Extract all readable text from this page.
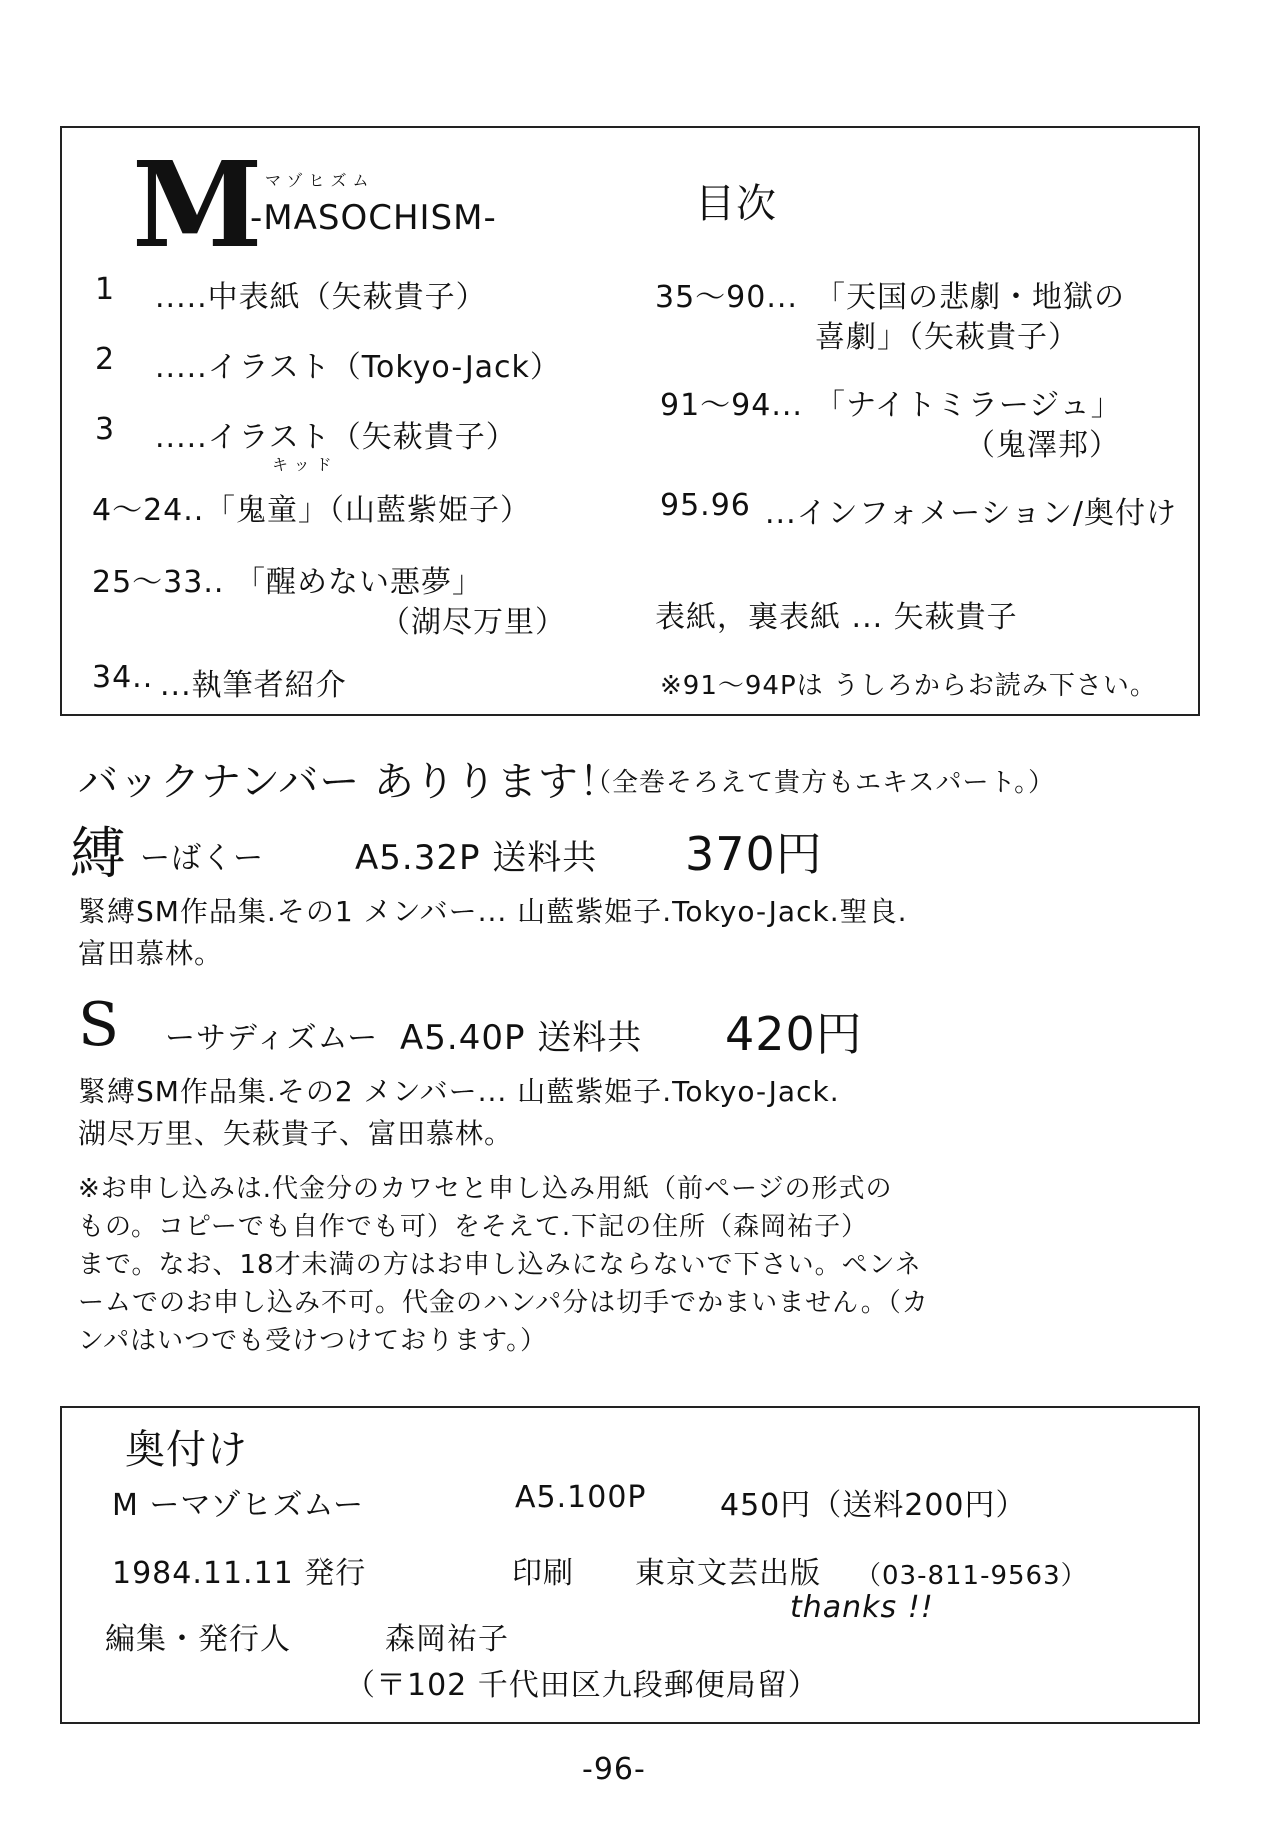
M マゾヒズム
-MASOCHISM-	目次
1 .....中表紙（矢萩貴子）
2 .....イラスト（Tokyo-Jack）
3 .....イラスト（矢萩貴子）
キッド
4～24.. 「鬼童」（山藍紫姫子）
25～33.. 「醒めない悪夢」
（湖尽万里）
34.. ...執筆者紹介
35～90... 「天国の悲劇・地獄の
喜劇」（矢萩貴子）
91～94... 「ナイトミラージュ」
（鬼澤邦）
95.96 ...インフォメーション/奥付け
表紙，裏表紙 ... 矢萩貴子
※91～94Pは うしろからお読み下さい。
バックナンバー ありります！
（全巻そろえて貴方もエキスパート。）
縛 ーばくー	A5.32P 送料共 370円
緊縛SM作品集.その1 メンバー... 山藍紫姫子.Tokyo-Jack.聖良.
富田慕林。
S ーサディズムー A5.40P 送料共 420円
緊縛SM作品集.その2 メンバー... 山藍紫姫子.Tokyo-Jack.
湖尽万里、矢萩貴子、富田慕林。
※お申し込みは.代金分のカワセと申し込み用紙（前ページの形式の
もの。コピーでも自作でも可）をそえて.下記の住所（森岡祐子）
まで。なお、18才未満の方はお申し込みにならないで下さい。ペンネ
ームでのお申し込み不可。代金のハンパ分は切手でかまいません。（カ
ンパはいつでも受けつけております。）
奥付け
M ーマゾヒズムー	A5.100P 450円（送料200円）
1984.11.11 発行	印刷 東京文芸出版 （03-811-9563）
thanks !!
編集・発行人	森岡祐子
（〒102 千代田区九段郵便局留）
-96-
